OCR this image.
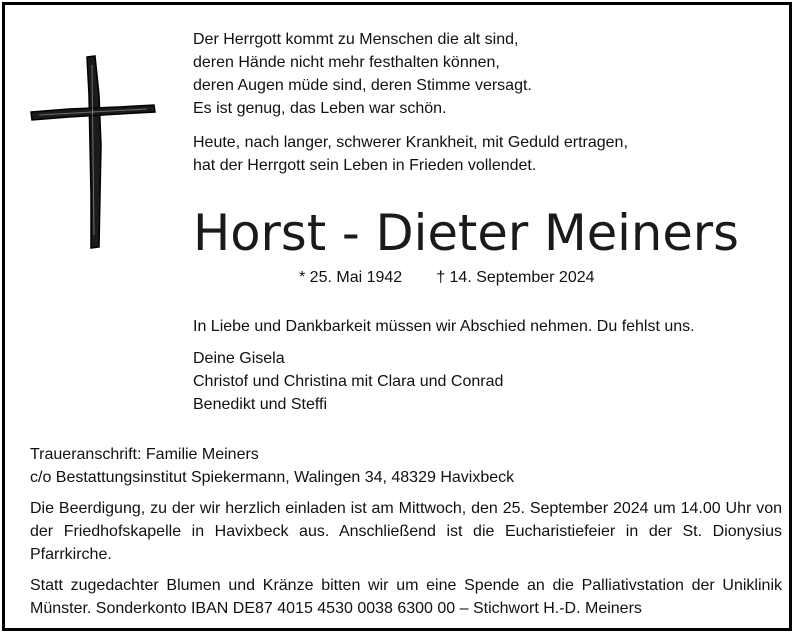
Der Herrgott kommt zu Menschen die alt sind,
deren Hände nicht mehr festhalten können,
deren Augen müde sind, deren Stimme versagt.
Es ist genug, das Leben war schön.
Heute, nach langer, schwerer Krankheit, mit Geduld ertragen,
hat der Herrgott sein Leben in Frieden vollendet.
Horst - Dieter Meiners
* 25. Mai 1942 † 14. September 2024
In Liebe und Dankbarkeit müssen wir Abschied nehmen. Du fehlst uns.
Deine Gisela
Christof und Christina mit Clara und Conrad
Benedikt und Steffi
Traueranschrift: Familie Meiners
c/o Bestattungsinstitut Spiekermann, Walingen 34, 48329 Havixbeck

Die Beerdigung, zu der wir herzlich einladen ist am Mittwoch, den 25. September 2024 um 14.00 Uhr von der Friedhofskapelle in Havixbeck aus. Anschließend ist die Eucharistiefeier in der St. Dionysius Pfarrkirche.

Statt zugedachter Blumen und Kränze bitten wir um eine Spende an die Palliativstation der Uniklinik Münster. Sonderkonto IBAN DE87 4015 4530 0038 6300 00 – Stichwort H.-D. Meiners
